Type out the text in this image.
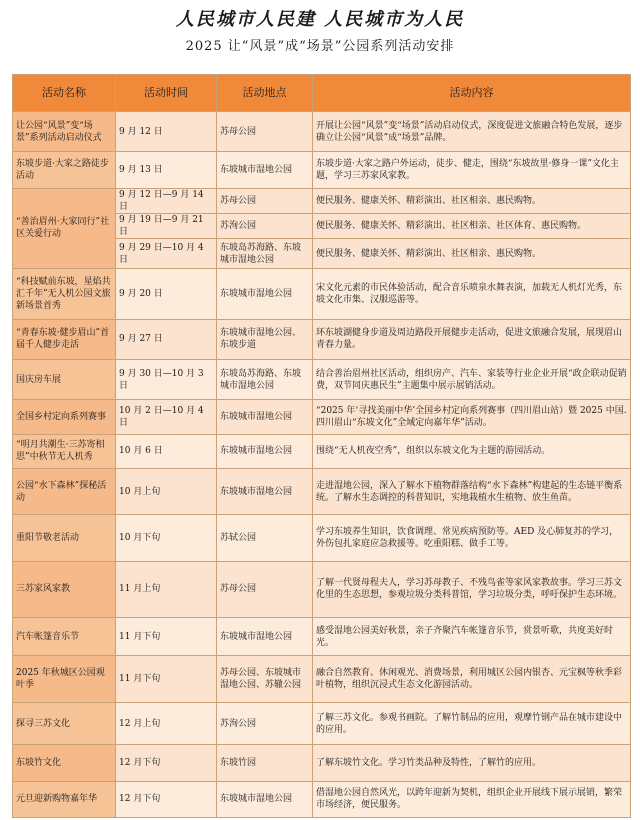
人民城市人民建 人民城市为人民
2025 让“风景”成“场景”公园系列活动安排
活动名称	活动时间	活动地点	活动内容
让公园“风景”变“场景”系列活动启动仪式	9 月 12 日	苏母公园	开展让公园“风景”变“场景”活动启动仪式，深度促进文旅融合特色发展，逐步确立让公园“风景”成“场景”品牌。
东坡步道·大家之路徒步活动	9 月 13 日	东坡城市湿地公园	东坡步道·大家之路户外运动，徒步、健走，围绕“东坡故里·修身一课”文化主题，学习三苏家风家教。
“善治眉州·大家同行”社区关爱行动	9 月 12 日—9 月 14 日	苏母公园	便民服务、健康关怀、精彩演出、社区相亲、惠民购物。
	9 月 19 日—9 月 21 日	苏洵公园	便民服务、健康关怀、精彩演出、社区相亲、社区体育、惠民购物。
	9 月 29 日—10 月 4 日	东坡岛苏海路、东坡城市湿地公园	便民服务、健康关怀、精彩演出、社区相亲、惠民购物。
“科技赋前东坡，星焰共汇千年”无人机公园文旅新场景首秀	9 月 20 日	东坡城市湿地公园	宋文化元素的市民体验活动，配合音乐喷泉水舞表演，加载无人机灯光秀，东坡文化市集、汉服巡游等。
“青春东坡·健步眉山”首届千人健步走活	9 月 27 日	东坡城市湿地公园、东坡步道	环东坡湖健身步道及周边路段开展健步走活动，促进文旅融合发展，展现眉山青春力量。
国庆房车展	9 月 30 日—10 月 3 日	东坡岛苏海路、东坡城市湿地公园	结合善治眉州社区活动，组织房产、汽车、家装等行业企业开展“政企联动促销费，双节同庆惠民生”主题集中展示展销活动。
全国乡村定向系列赛事	10 月 2 日—10 月 4 日	东坡城市湿地公园	“2025 年‘寻找美丽中华’全国乡村定向系列赛事（四川眉山站）暨 2025 中国. 四川眉山“东坡文化”全域定向嘉年华”活动。
“明月共潮生·三苏寄相思”中秋节无人机秀	10 月 6 日	东坡城市湿地公园	围绕“无人机夜空秀”，组织以东坡文化为主题的游园活动。
公园“水下森林”探秘活动	10 月上旬	东坡城市湿地公园	走进湿地公园，深入了解水下植物群落结构“水下森林”构建起的生态链平衡系统。了解水生态调控的科普知识，实地栽植水生植物、放生鱼苗。
重阳节敬老活动	10 月下旬	苏轼公园	学习东坡养生知识，饮食调理、常见疾病预防等。AED 及心肺复苏的学习，外伤包扎家庭应急救援等。吃重阳糕、做手工等。
三苏家风家教	11 月上旬	苏母公园	了解一代贤母程夫人，学习苏母教子、不残鸟雀等家风家教故事。学习三苏文化里的生态思想，参观垃圾分类科普馆，学习垃圾分类，呼吁保护生态环境。
汽车帐篷音乐节	11 月下旬	东坡城市湿地公园	感受湿地公园美好秋景，亲子齐聚汽车帐篷音乐节，赏景听歌，共度美好时光。
2025 年秋城区公园观叶季	11 月下旬	苏母公园、东坡城市湿地公园、苏辙公园	融合自然教育、休闲观光、消费场景，利用城区公园内银杏、元宝枫等秋季彩叶植物，组织沉浸式生态文化游园活动。
探寻三苏文化	12 月上旬	苏洵公园	了解三苏文化。参观书画院。了解竹制品的应用，观摩竹钢产品在城市建设中的应用。
东坡竹文化	12 月下旬	东坡竹园	了解东坡竹文化。学习竹类品种及特性，了解竹的应用。
元旦迎新购物嘉年华	12 月下旬	东坡城市湿地公园	借湿地公园自然风光，以跨年迎新为契机，组织企业开展线下展示展销，繁荣市场经济，便民服务。
